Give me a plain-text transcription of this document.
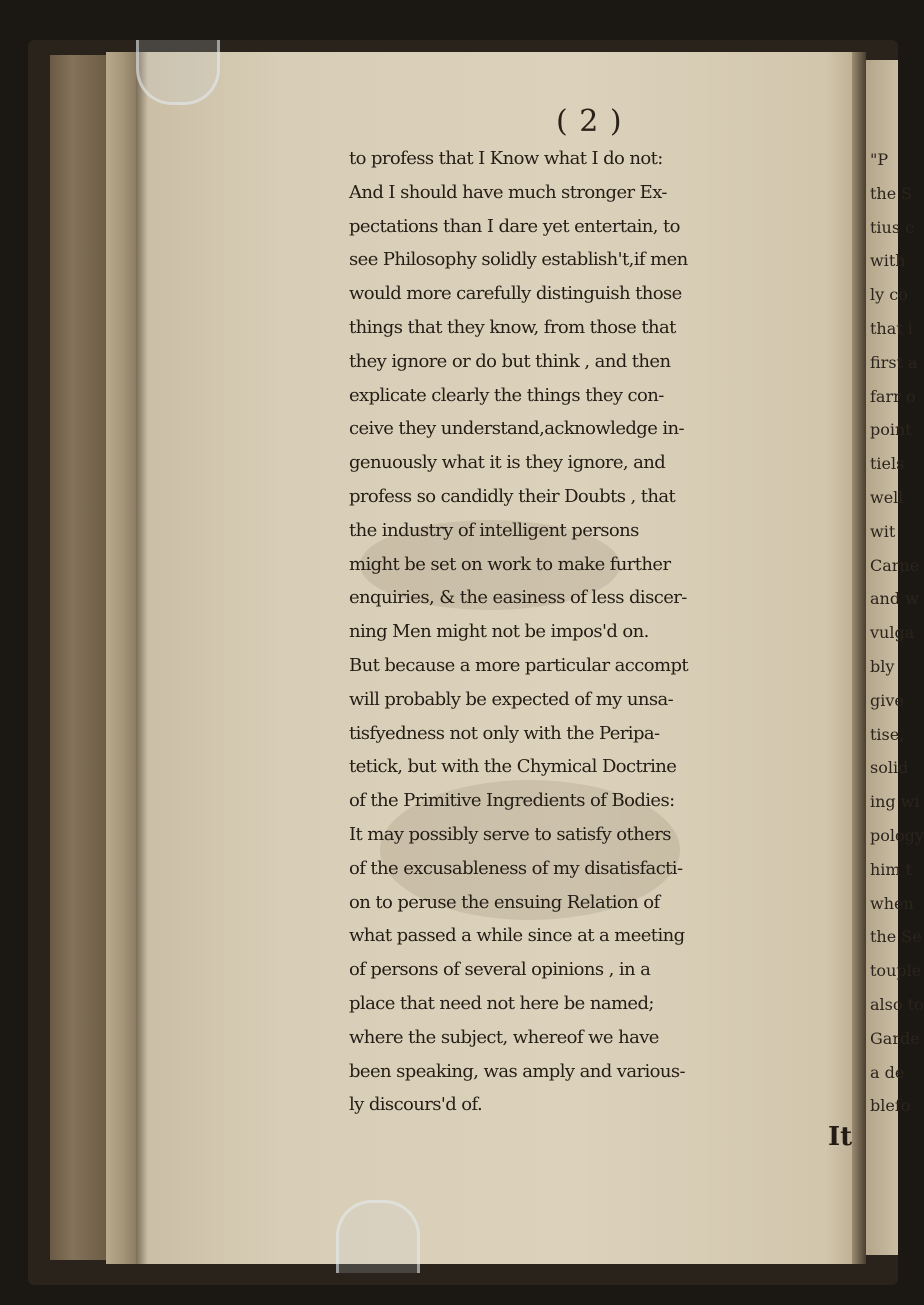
"P
the S
tius c
with
ly co
that i
first a
farr o
point
tiels
well
wit
Carne
and w
vulga
bly
give
tise,
solid
ing wi
pology
him t
when
the Se
touple
also to
Garde
a de
blefo
( 2 )
to profess that I Know what I do not:
And I should have much stronger Ex-
pectations than I dare yet entertain, to
see Philosophy solidly establish't,if men
would more carefully distinguish those
things that they know, from those that
they ignore or do but think , and then
explicate clearly the things they con-
ceive they understand,acknowledge in-
genuously what it is they ignore, and
profess so candidly their Doubts , that
the industry of intelligent persons
might be set on work to make further
enquiries, & the easiness of less discer-
ning Men might not be impos'd on.
But because a more particular accompt
will probably be expected of my unsa-
tisfyedness not only with the Peripa-
tetick, but with the Chymical Doctrine
of the Primitive Ingredients of Bodies:
It may possibly serve to satisfy others
of the excusableness of my disatisfacti-
on to peruse the ensuing Relation of
what passed a while since at a meeting
of persons of several opinions , in a
place that need not here be named;
where the subject, whereof we have
been speaking, was amply and various-
ly discours'd of.
It
